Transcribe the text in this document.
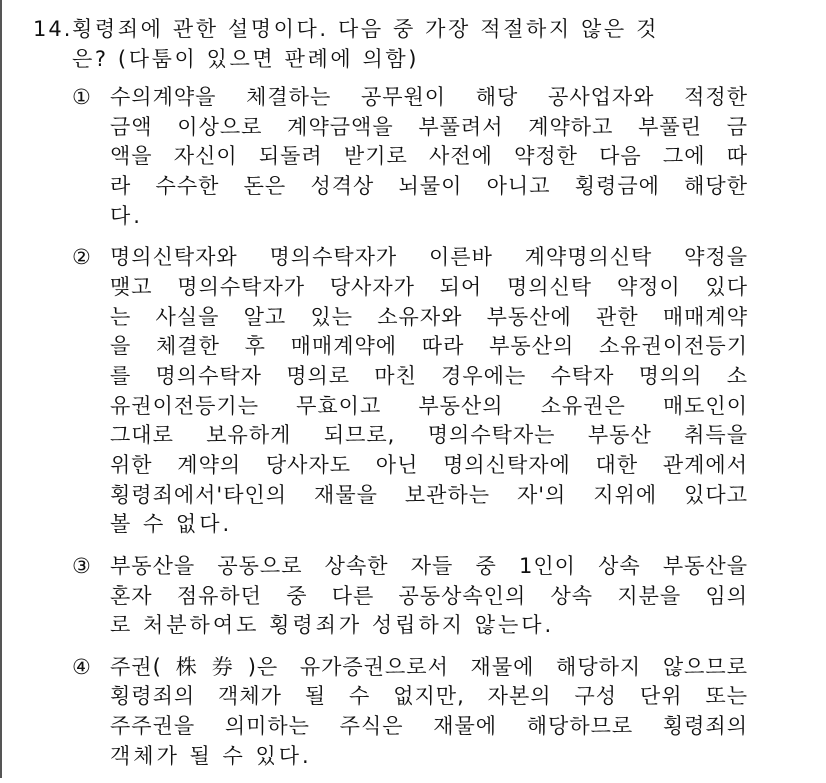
14. 횡령죄에 관한 설명이다. 다음 중 가장 적절하지 않은 것
은? (다툼이 있으면 판례에 의함)
① 수의계약을 체결하는 공무원이 해당 공사업자와 적정한
금액 이상으로 계약금액을 부풀려서 계약하고 부풀린 금
액을 자신이 되돌려 받기로 사전에 약정한 다음 그에 따
라 수수한 돈은 성격상 뇌물이 아니고 횡령금에 해당한
다.
② 명의신탁자와 명의수탁자가 이른바 계약명의신탁 약정을
맺고 명의수탁자가 당사자가 되어 명의신탁 약정이 있다
는 사실을 알고 있는 소유자와 부동산에 관한 매매계약
을 체결한 후 매매계약에 따라 부동산의 소유권이전등기
를 명의수탁자 명의로 마친 경우에는 수탁자 명의의 소
유권이전등기는 무효이고 부동산의 소유권은 매도인이
그대로 보유하게 되므로, 명의수탁자는 부동산 취득을
위한 계약의 당사자도 아닌 명의신탁자에 대한 관계에서
횡령죄에서'타인의 재물을 보관하는 자'의 지위에 있다고
볼 수 없다.
③ 부동산을 공동으로 상속한 자들 중 1인이 상속 부동산을
혼자 점유하던 중 다른 공동상속인의 상속 지분을 임의
로 처분하여도 횡령죄가 성립하지 않는다.
④ 주권(株券)은 유가증권으로서 재물에 해당하지 않으므로
횡령죄의 객체가 될 수 없지만, 자본의 구성 단위 또는
주주권을 의미하는 주식은 재물에 해당하므로 횡령죄의
객체가 될 수 있다.
